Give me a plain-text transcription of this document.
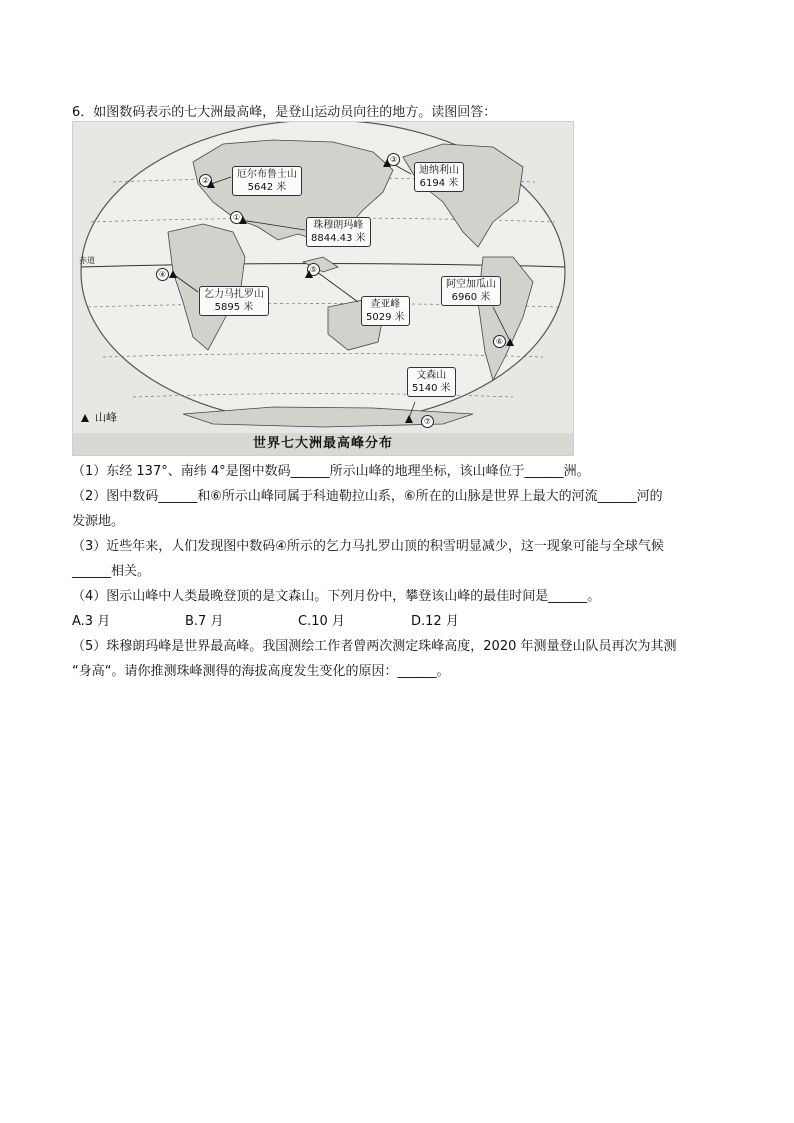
6．如图数码表示的七大洲最高峰，是登山运动员向往的地方。读图回答：
赤道
①
②
③
④
⑤
⑥
⑦
厄尔布鲁士山
5642 米
珠穆朗玛峰
8844.43 米
迪纳利山
6194 米
乞力马扎罗山
5895 米	查亚峰
5029 米
阿空加瓜山
6960 米
文森山
5140 米
山峰
世界七大洲最高峰分布
（1）东经 137°、南纬 4°是图中数码______所示山峰的地理坐标，该山峰位于______洲。
（2）图中数码______和⑥所示山峰同属于科迪勒拉山系，⑥所在的山脉是世界上最大的河流______河的
发源地。
（3）近些年来，人们发现图中数码④所示的乞力马扎罗山顶的积雪明显减少，这一现象可能与全球气候
______相关。
（4）图示山峰中人类最晚登顶的是文森山。下列月份中，攀登该山峰的最佳时间是______。
A.3 月	B.7 月	C.10 月	D.12 月
（5）珠穆朗玛峰是世界最高峰。我国测绘工作者曾两次测定珠峰高度，2020 年测量登山队员再次为其测
“身高“。请你推测珠峰测得的海拔高度发生变化的原因：______。
